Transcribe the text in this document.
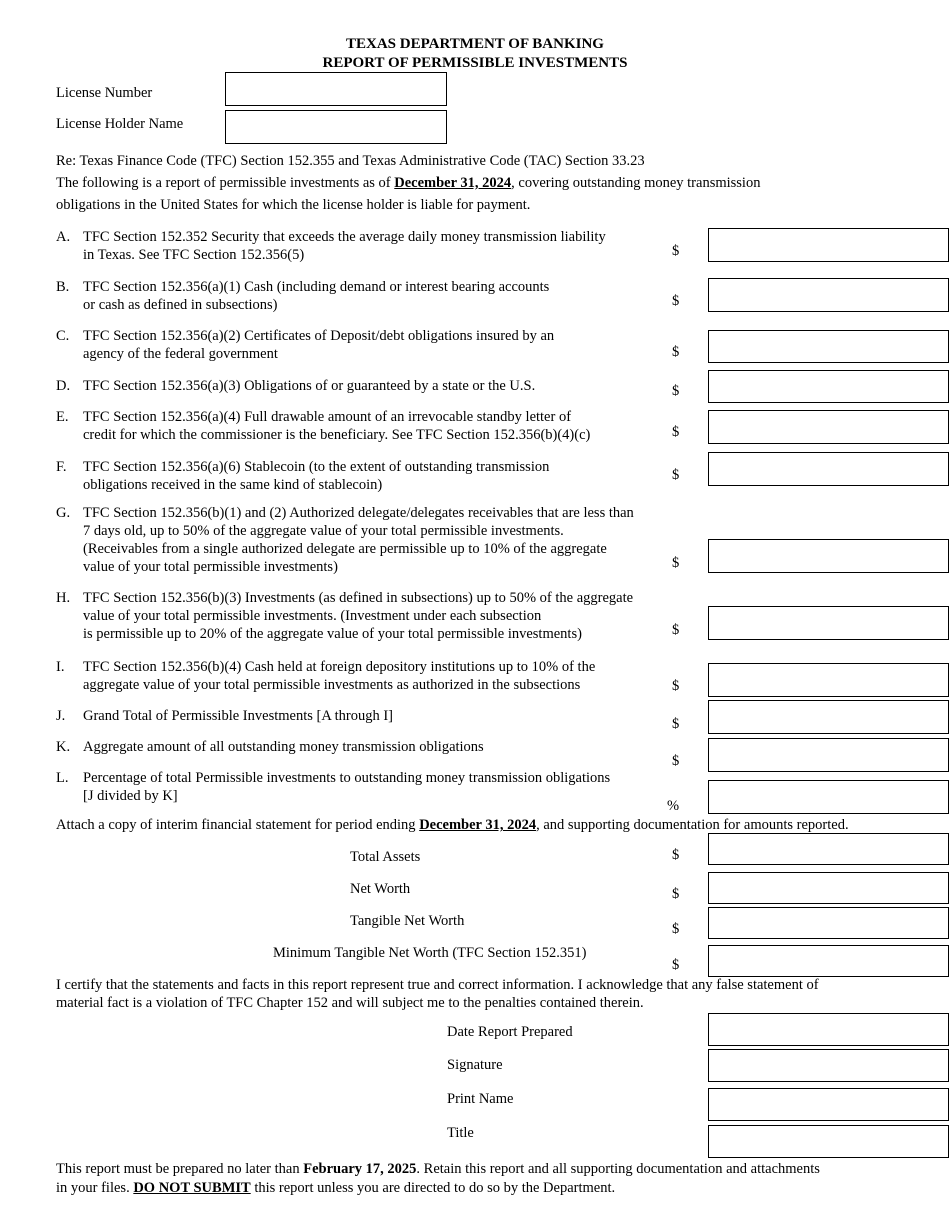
TEXAS DEPARTMENT OF BANKING
REPORT OF PERMISSIBLE INVESTMENTS
License Number
License Holder Name
Re: Texas Finance Code (TFC) Section 152.355 and Texas Administrative Code (TAC) Section 33.23
The following is a report of permissible investments as of December 31, 2024, covering outstanding money transmission
obligations in the United States for which the license holder is liable for payment.
A. TFC Section 152.352 Security that exceeds the average daily money transmission liability
in Texas. See TFC Section 152.356(5)	$
B. TFC Section 152.356(a)(1) Cash (including demand or interest bearing accounts
or cash as defined in subsections)	$
C. TFC Section 152.356(a)(2) Certificates of Deposit/debt obligations insured by an
agency of the federal government	$
D. TFC Section 152.356(a)(3) Obligations of or guaranteed by a state or the U.S.	$
E. TFC Section 152.356(a)(4) Full drawable amount of an irrevocable standby letter of
credit for which the commissioner is the beneficiary. See TFC Section 152.356(b)(4)(c)	$
F. TFC Section 152.356(a)(6) Stablecoin (to the extent of outstanding transmission
obligations received in the same kind of stablecoin)
$
G. TFC Section 152.356(b)(1) and (2) Authorized delegate/delegates receivables that are less than
7 days old, up to 50% of the aggregate value of your total permissible investments.
(Receivables from a single authorized delegate are permissible up to 10% of the aggregate
value of your total permissible investments)	$
H. TFC Section 152.356(b)(3) Investments (as defined in subsections) up to 50% of the aggregate
value of your total permissible investments. (Investment under each subsection
is permissible up to 20% of the aggregate value of your total permissible investments)	$
I. TFC Section 152.356(b)(4) Cash held at foreign depository institutions up to 10% of the
aggregate value of your total permissible investments as authorized in the subsections	$
J. Grand Total of Permissible Investments [A through I]	$
K. Aggregate amount of all outstanding money transmission obligations
$
L. Percentage of total Permissible investments to outstanding money transmission obligations
[J divided by K]
%
Attach a copy of interim financial statement for period ending December 31, 2024, and supporting documentation for amounts reported.
Total Assets	$
Net Worth	$
Tangible Net Worth	$
Minimum Tangible Net Worth (TFC Section 152.351)
$
I certify that the statements and facts in this report represent true and correct information. I acknowledge that any false statement of
material fact is a violation of TFC Chapter 152 and will subject me to the penalties contained therein.
Date Report Prepared
Signature
Print Name
Title
This report must be prepared no later than February 17, 2025. Retain this report and all supporting documentation and attachments
in your files. DO NOT SUBMIT this report unless you are directed to do so by the Department.
